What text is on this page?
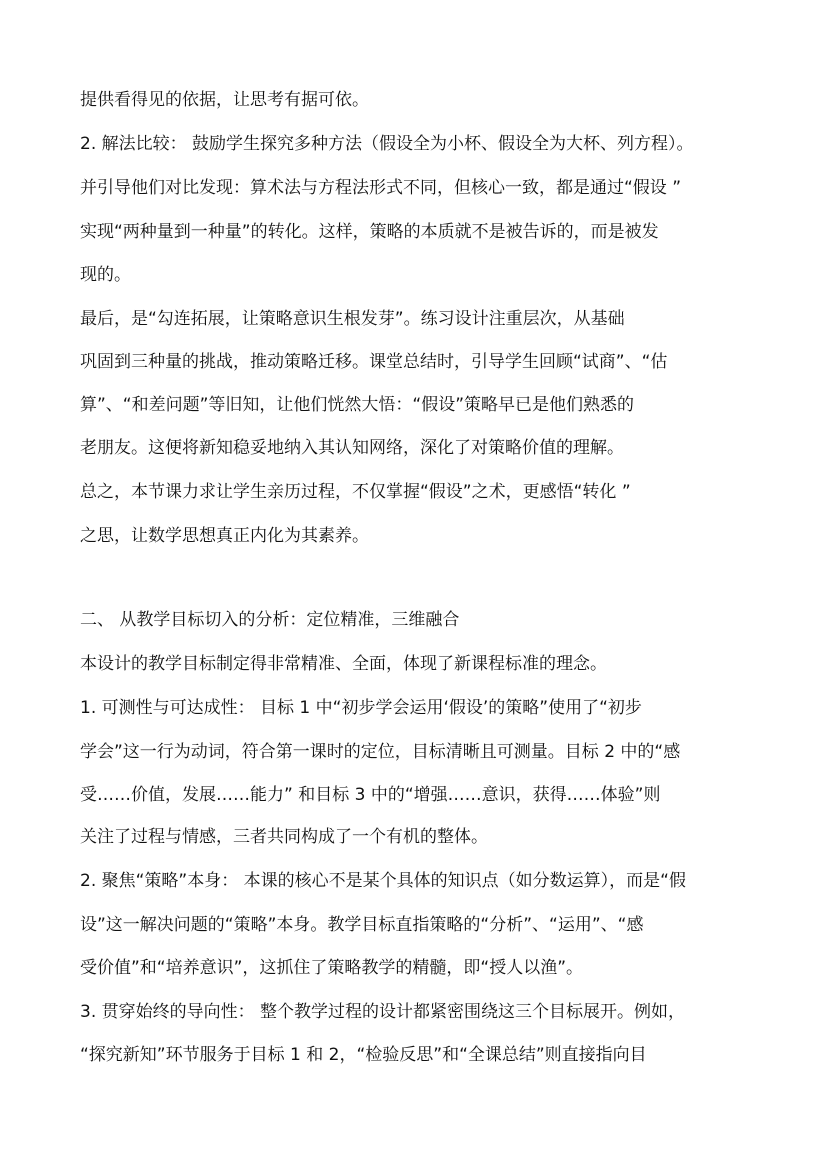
提供看得见的依据，让思考有据可依。
2. 解法比较： 鼓励学生探究多种方法（假设全为小杯、假设全为大杯、列方程）。
并引导他们对比发现：算术法与方程法形式不同，但核心一致，都是通过“假设 ”
实现“两种量到一种量”的转化。这样，策略的本质就不是被告诉的，而是被发
现的。
最后，是“勾连拓展，让策略意识生根发芽”。练习设计注重层次，从基础
巩固到三种量的挑战，推动策略迁移。课堂总结时，引导学生回顾“试商”、“估
算”、“和差问题”等旧知，让他们恍然大悟：“假设”策略早已是他们熟悉的
老朋友。这便将新知稳妥地纳入其认知网络，深化了对策略价值的理解。
总之，本节课力求让学生亲历过程，不仅掌握“假设”之术，更感悟“转化 ”
之思，让数学思想真正内化为其素养。
二、 从教学目标切入的分析：定位精准，三维融合
本设计的教学目标制定得非常精准、全面，体现了新课程标准的理念。
1. 可测性与可达成性： 目标 1 中“初步学会运用‘假设’的策略”使用了“初步
学会”这一行为动词，符合第一课时的定位，目标清晰且可测量。目标 2 中的“感
受……价值，发展……能力” 和目标 3 中的“增强……意识，获得……体验”则
关注了过程与情感，三者共同构成了一个有机的整体。
2. 聚焦“策略”本身： 本课的核心不是某个具体的知识点（如分数运算），而是“假
设”这一解决问题的“策略”本身。教学目标直指策略的“分析”、“运用”、“感
受价值”和“培养意识”，这抓住了策略教学的精髓，即“授人以渔”。
3. 贯穿始终的导向性： 整个教学过程的设计都紧密围绕这三个目标展开。例如，
“探究新知”环节服务于目标 1 和 2，“检验反思”和“全课总结”则直接指向目
